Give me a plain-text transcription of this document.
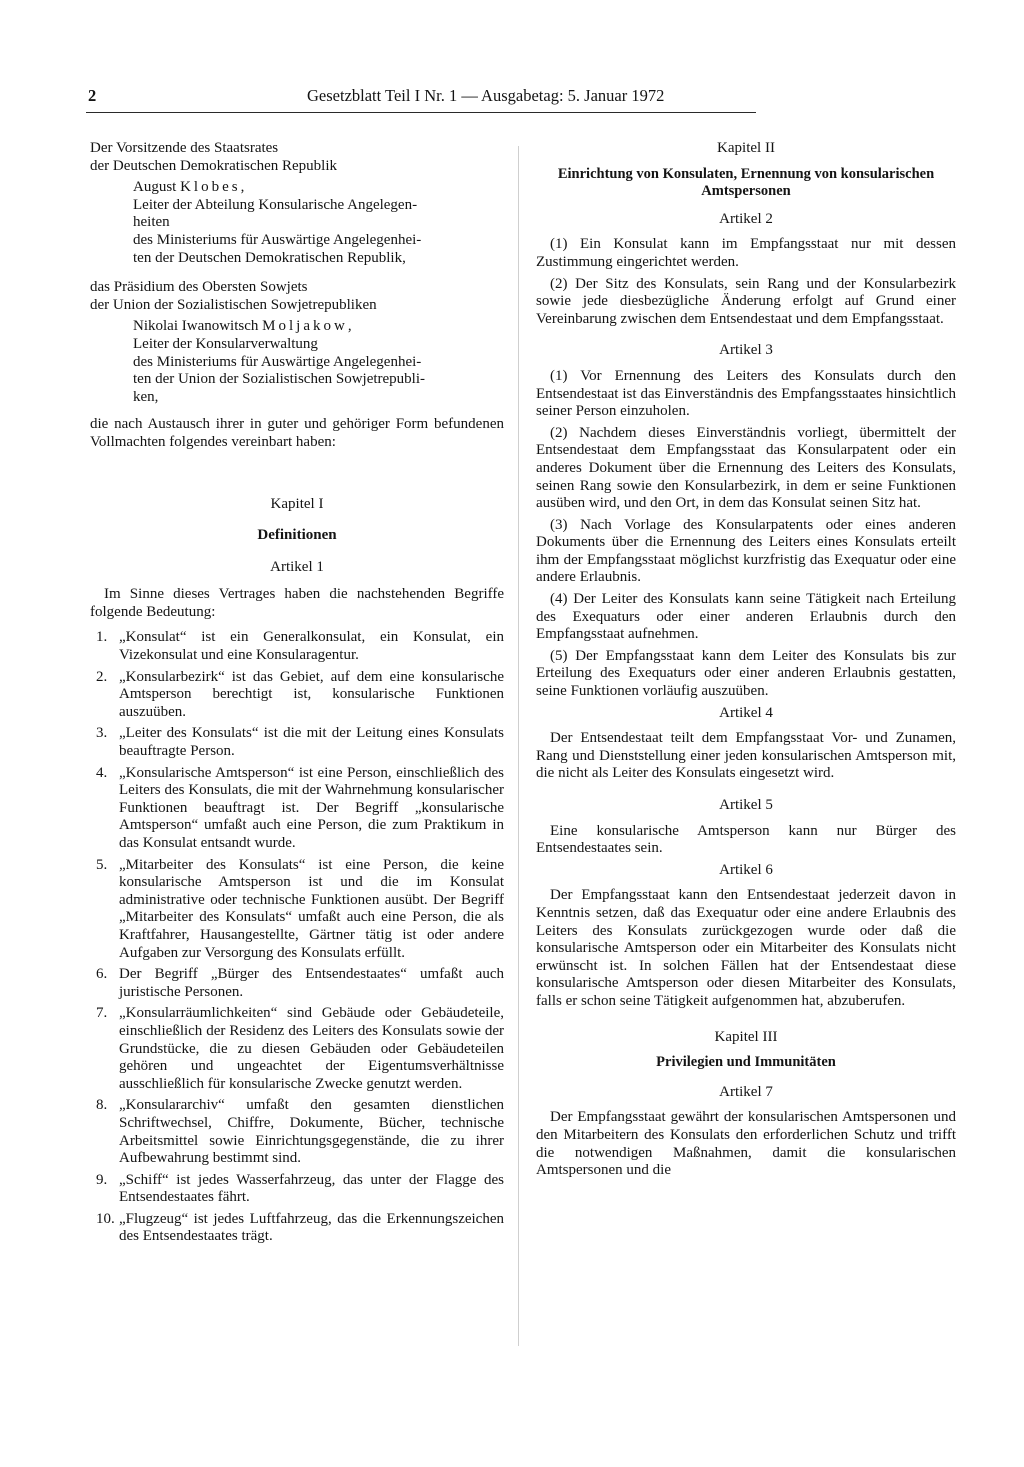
2	Gesetzblatt Teil I Nr. 1 — Ausgabetag: 5. Januar 1972

Der Vorsitzende des Staatsrates

der Deutschen Demokratischen Republik

August Klobes,

Leiter der Abteilung Konsularische Angelegen-

heiten

des Ministeriums für Auswärtige Angelegenhei-

ten der Deutschen Demokratischen Republik,

das Präsidium des Obersten Sowjets

der Union der Sozialistischen Sowjetrepubliken

Nikolai Iwanowitsch Moljakow,

Leiter der Konsularverwaltung

des Ministeriums für Auswärtige Angelegenhei-

ten der Union der Sozialistischen Sowjetrepubli-

ken,

die nach Austausch ihrer in guter und gehöriger Form befundenen Vollmachten folgendes vereinbart haben:

Kapitel I

Definitionen

Artikel 1

Im Sinne dieses Vertrages haben die nachstehenden Begriffe folgende Bedeutung:

1. „Konsulat“ ist ein Generalkonsulat, ein Konsulat, ein Vizekonsulat und eine Konsularagentur.
2. „Konsularbezirk“ ist das Gebiet, auf dem eine konsularische Amtsperson berechtigt ist, konsularische Funktionen auszuüben.
3. „Leiter des Konsulats“ ist die mit der Leitung eines Konsulats beauftragte Person.
4. „Konsularische Amtsperson“ ist eine Person, einschließlich des Leiters des Konsulats, die mit der Wahrnehmung konsularischer Funktionen beauftragt ist. Der Begriff „konsularische Amtsperson“ umfaßt auch eine Person, die zum Praktikum in das Konsulat entsandt wurde.
5. „Mitarbeiter des Konsulats“ ist eine Person, die keine konsularische Amtsperson ist und die im Konsulat administrative oder technische Funktionen ausübt. Der Begriff „Mitarbeiter des Konsulats“ umfaßt auch eine Person, die als Kraftfahrer, Hausangestellte, Gärtner tätig ist oder andere Aufgaben zur Versorgung des Konsulats erfüllt.
6. Der Begriff „Bürger des Entsendestaates“ umfaßt auch juristische Personen.
7. „Konsularräumlichkeiten“ sind Gebäude oder Gebäudeteile, einschließlich der Residenz des Leiters des Konsulats sowie der Grundstücke, die zu diesen Gebäuden oder Gebäudeteilen gehören und ungeachtet der Eigentumsverhältnisse ausschließlich für konsularische Zwecke genutzt werden.
8. „Konsulararchiv“ umfaßt den gesamten dienstlichen Schriftwechsel, Chiffre, Dokumente, Bücher, technische Arbeitsmittel sowie Einrichtungsgegenstände, die zu ihrer Aufbewahrung bestimmt sind.
9. „Schiff“ ist jedes Wasserfahrzeug, das unter der Flagge des Entsendestaates fährt.
10. „Flugzeug“ ist jedes Luftfahrzeug, das die Erkennungszeichen des Entsendestaates trägt.

Kapitel II

Einrichtung von Konsulaten, Ernennung von konsularischen Amtspersonen

Artikel 2

(1) Ein Konsulat kann im Empfangsstaat nur mit dessen Zustimmung eingerichtet werden.

(2) Der Sitz des Konsulats, sein Rang und der Konsularbezirk sowie jede diesbezügliche Änderung erfolgt auf Grund einer Vereinbarung zwischen dem Entsendestaat und dem Empfangsstaat.

Artikel 3

(1) Vor Ernennung des Leiters des Konsulats durch den Entsendestaat ist das Einverständnis des Empfangsstaates hinsichtlich seiner Person einzuholen.

(2) Nachdem dieses Einverständnis vorliegt, übermittelt der Entsendestaat dem Empfangsstaat das Konsularpatent oder ein anderes Dokument über die Ernennung des Leiters des Konsulats, seinen Rang sowie den Konsularbezirk, in dem er seine Funktionen ausüben wird, und den Ort, in dem das Konsulat seinen Sitz hat.

(3) Nach Vorlage des Konsularpatents oder eines anderen Dokuments über die Ernennung des Leiters eines Konsulats erteilt ihm der Empfangsstaat möglichst kurzfristig das Exequatur oder eine andere Erlaubnis.

(4) Der Leiter des Konsulats kann seine Tätigkeit nach Erteilung des Exequaturs oder einer anderen Erlaubnis durch den Empfangsstaat aufnehmen.

(5) Der Empfangsstaat kann dem Leiter des Konsulats bis zur Erteilung des Exequaturs oder einer anderen Erlaubnis gestatten, seine Funktionen vorläufig auszuüben.

Artikel 4

Der Entsendestaat teilt dem Empfangsstaat Vor- und Zunamen, Rang und Dienststellung einer jeden konsularischen Amtsperson mit, die nicht als Leiter des Konsulats eingesetzt wird.

Artikel 5

Eine konsularische Amtsperson kann nur Bürger des Entsendestaates sein.

Artikel 6

Der Empfangsstaat kann den Entsendestaat jederzeit davon in Kenntnis setzen, daß das Exequatur oder eine andere Erlaubnis des Leiters des Konsulats zurückgezogen wurde oder daß die konsularische Amtsperson oder ein Mitarbeiter des Konsulats nicht erwünscht ist. In solchen Fällen hat der Entsendestaat diese konsularische Amtsperson oder diesen Mitarbeiter des Konsulats, falls er schon seine Tätigkeit aufgenommen hat, abzuberufen.

Kapitel III

Privilegien und Immunitäten

Artikel 7

Der Empfangsstaat gewährt der konsularischen Amtspersonen und den Mitarbeitern des Konsulats den erforderlichen Schutz und trifft die notwendigen Maßnahmen, damit die konsularischen Amtspersonen und die
